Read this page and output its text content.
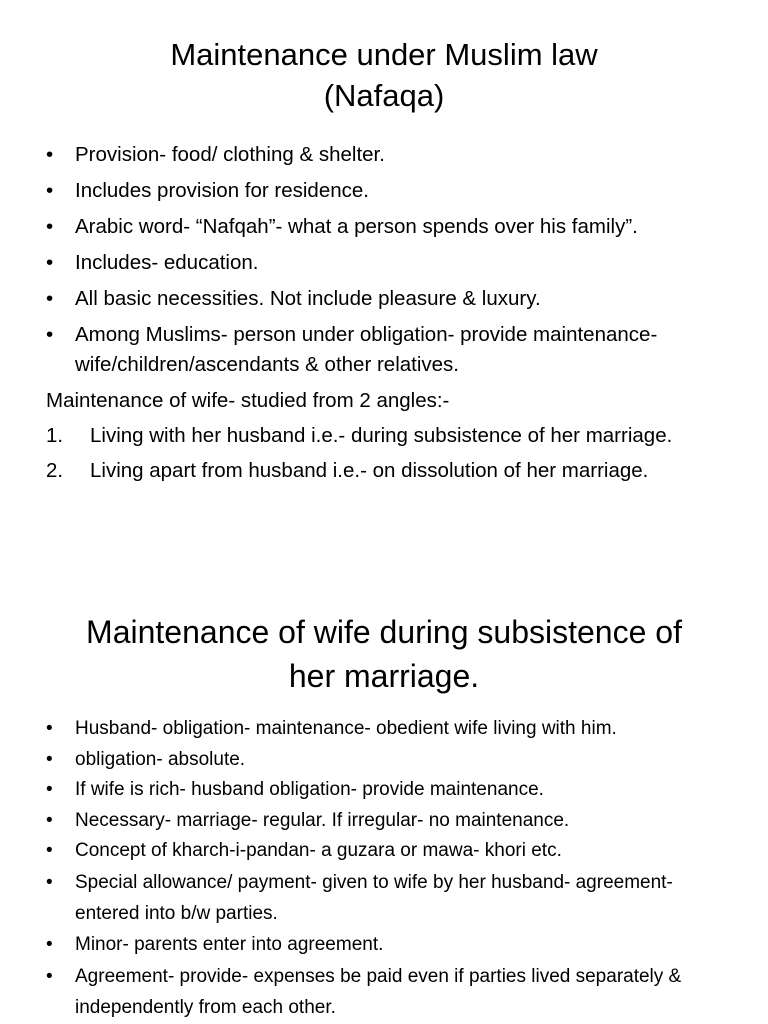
Maintenance under Muslim law
(Nafaqa)
•	Provision- food/ clothing & shelter.
•	Includes provision for residence.
•	Arabic word- “Nafqah”- what a person spends over his family”.
•	Includes- education.
•	All basic necessities. Not include pleasure & luxury.
•	Among Muslims- person under obligation- provide maintenance- wife/children/ascendants & other relatives.
Maintenance of wife- studied from 2 angles:-
1.	Living with her husband i.e.- during subsistence of her marriage.
2.	Living apart from husband i.e.- on dissolution of her marriage.
Maintenance of wife during subsistence of
her marriage.
•	Husband- obligation- maintenance- obedient wife living with him.
•	obligation- absolute.
•	If wife is rich- husband obligation- provide maintenance.
•	Necessary- marriage- regular. If irregular- no maintenance.
•	Concept of kharch-i-pandan- a guzara or mawa- khori etc.
•	Special allowance/ payment- given to wife by her husband- agreement- entered into b/w parties.
•	Minor- parents enter into agreement.
•	Agreement- provide- expenses be paid even if parties lived separately & independently from each other.
